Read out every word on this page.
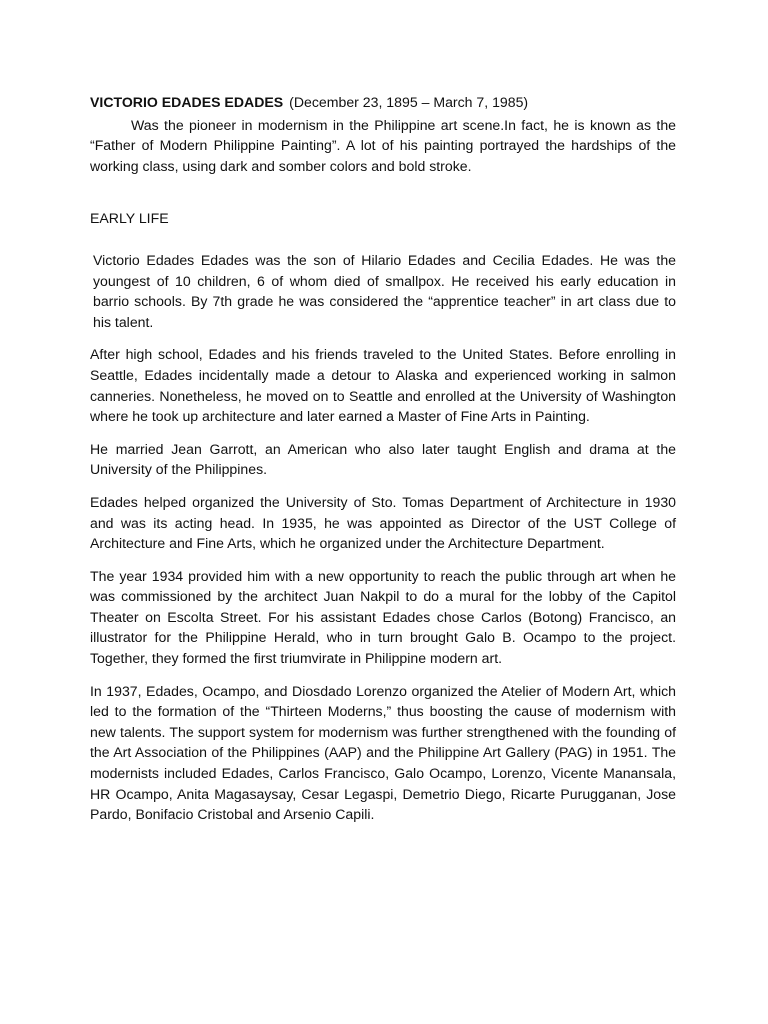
VICTORIO EDADES EDADES (December 23, 1895 – March 7, 1985)

Was the pioneer in modernism in the Philippine art scene.In fact, he is known as the “Father of Modern Philippine Painting”. A lot of his painting portrayed the hardships of the working class, using dark and somber colors and bold stroke.

EARLY LIFE

Victorio Edades Edades was the son of Hilario Edades and Cecilia Edades. He was the youngest of 10 children, 6 of whom died of smallpox. He received his early education in barrio schools. By 7th grade he was considered the “apprentice teacher” in art class due to his talent.

After high school, Edades and his friends traveled to the United States. Before enrolling in Seattle, Edades incidentally made a detour to Alaska and experienced working in salmon canneries. Nonetheless, he moved on to Seattle and enrolled at the University of Washington where he took up architecture and later earned a Master of Fine Arts in Painting.

He married Jean Garrott, an American who also later taught English and drama at the University of the Philippines.

Edades helped organized the University of Sto. Tomas Department of Architecture in 1930 and was its acting head. In 1935, he was appointed as Director of the UST College of Architecture and Fine Arts, which he organized under the Architecture Department.

The year 1934 provided him with a new opportunity to reach the public through art when he was commissioned by the architect Juan Nakpil to do a mural for the lobby of the Capitol Theater on Escolta Street. For his assistant Edades chose Carlos (Botong) Francisco, an illustrator for the Philippine Herald, who in turn brought Galo B. Ocampo to the project. Together, they formed the first triumvirate in Philippine modern art.

In 1937, Edades, Ocampo, and Diosdado Lorenzo organized the Atelier of Modern Art, which led to the formation of the “Thirteen Moderns,” thus boosting the cause of modernism with new talents. The support system for modernism was further strengthened with the founding of the Art Association of the Philippines (AAP) and the Philippine Art Gallery (PAG) in 1951. The modernists included Edades, Carlos Francisco, Galo Ocampo, Lorenzo, Vicente Manansala, HR Ocampo, Anita Magasaysay, Cesar Legaspi, Demetrio Diego, Ricarte Purugganan, Jose Pardo, Bonifacio Cristobal and Arsenio Capili.
